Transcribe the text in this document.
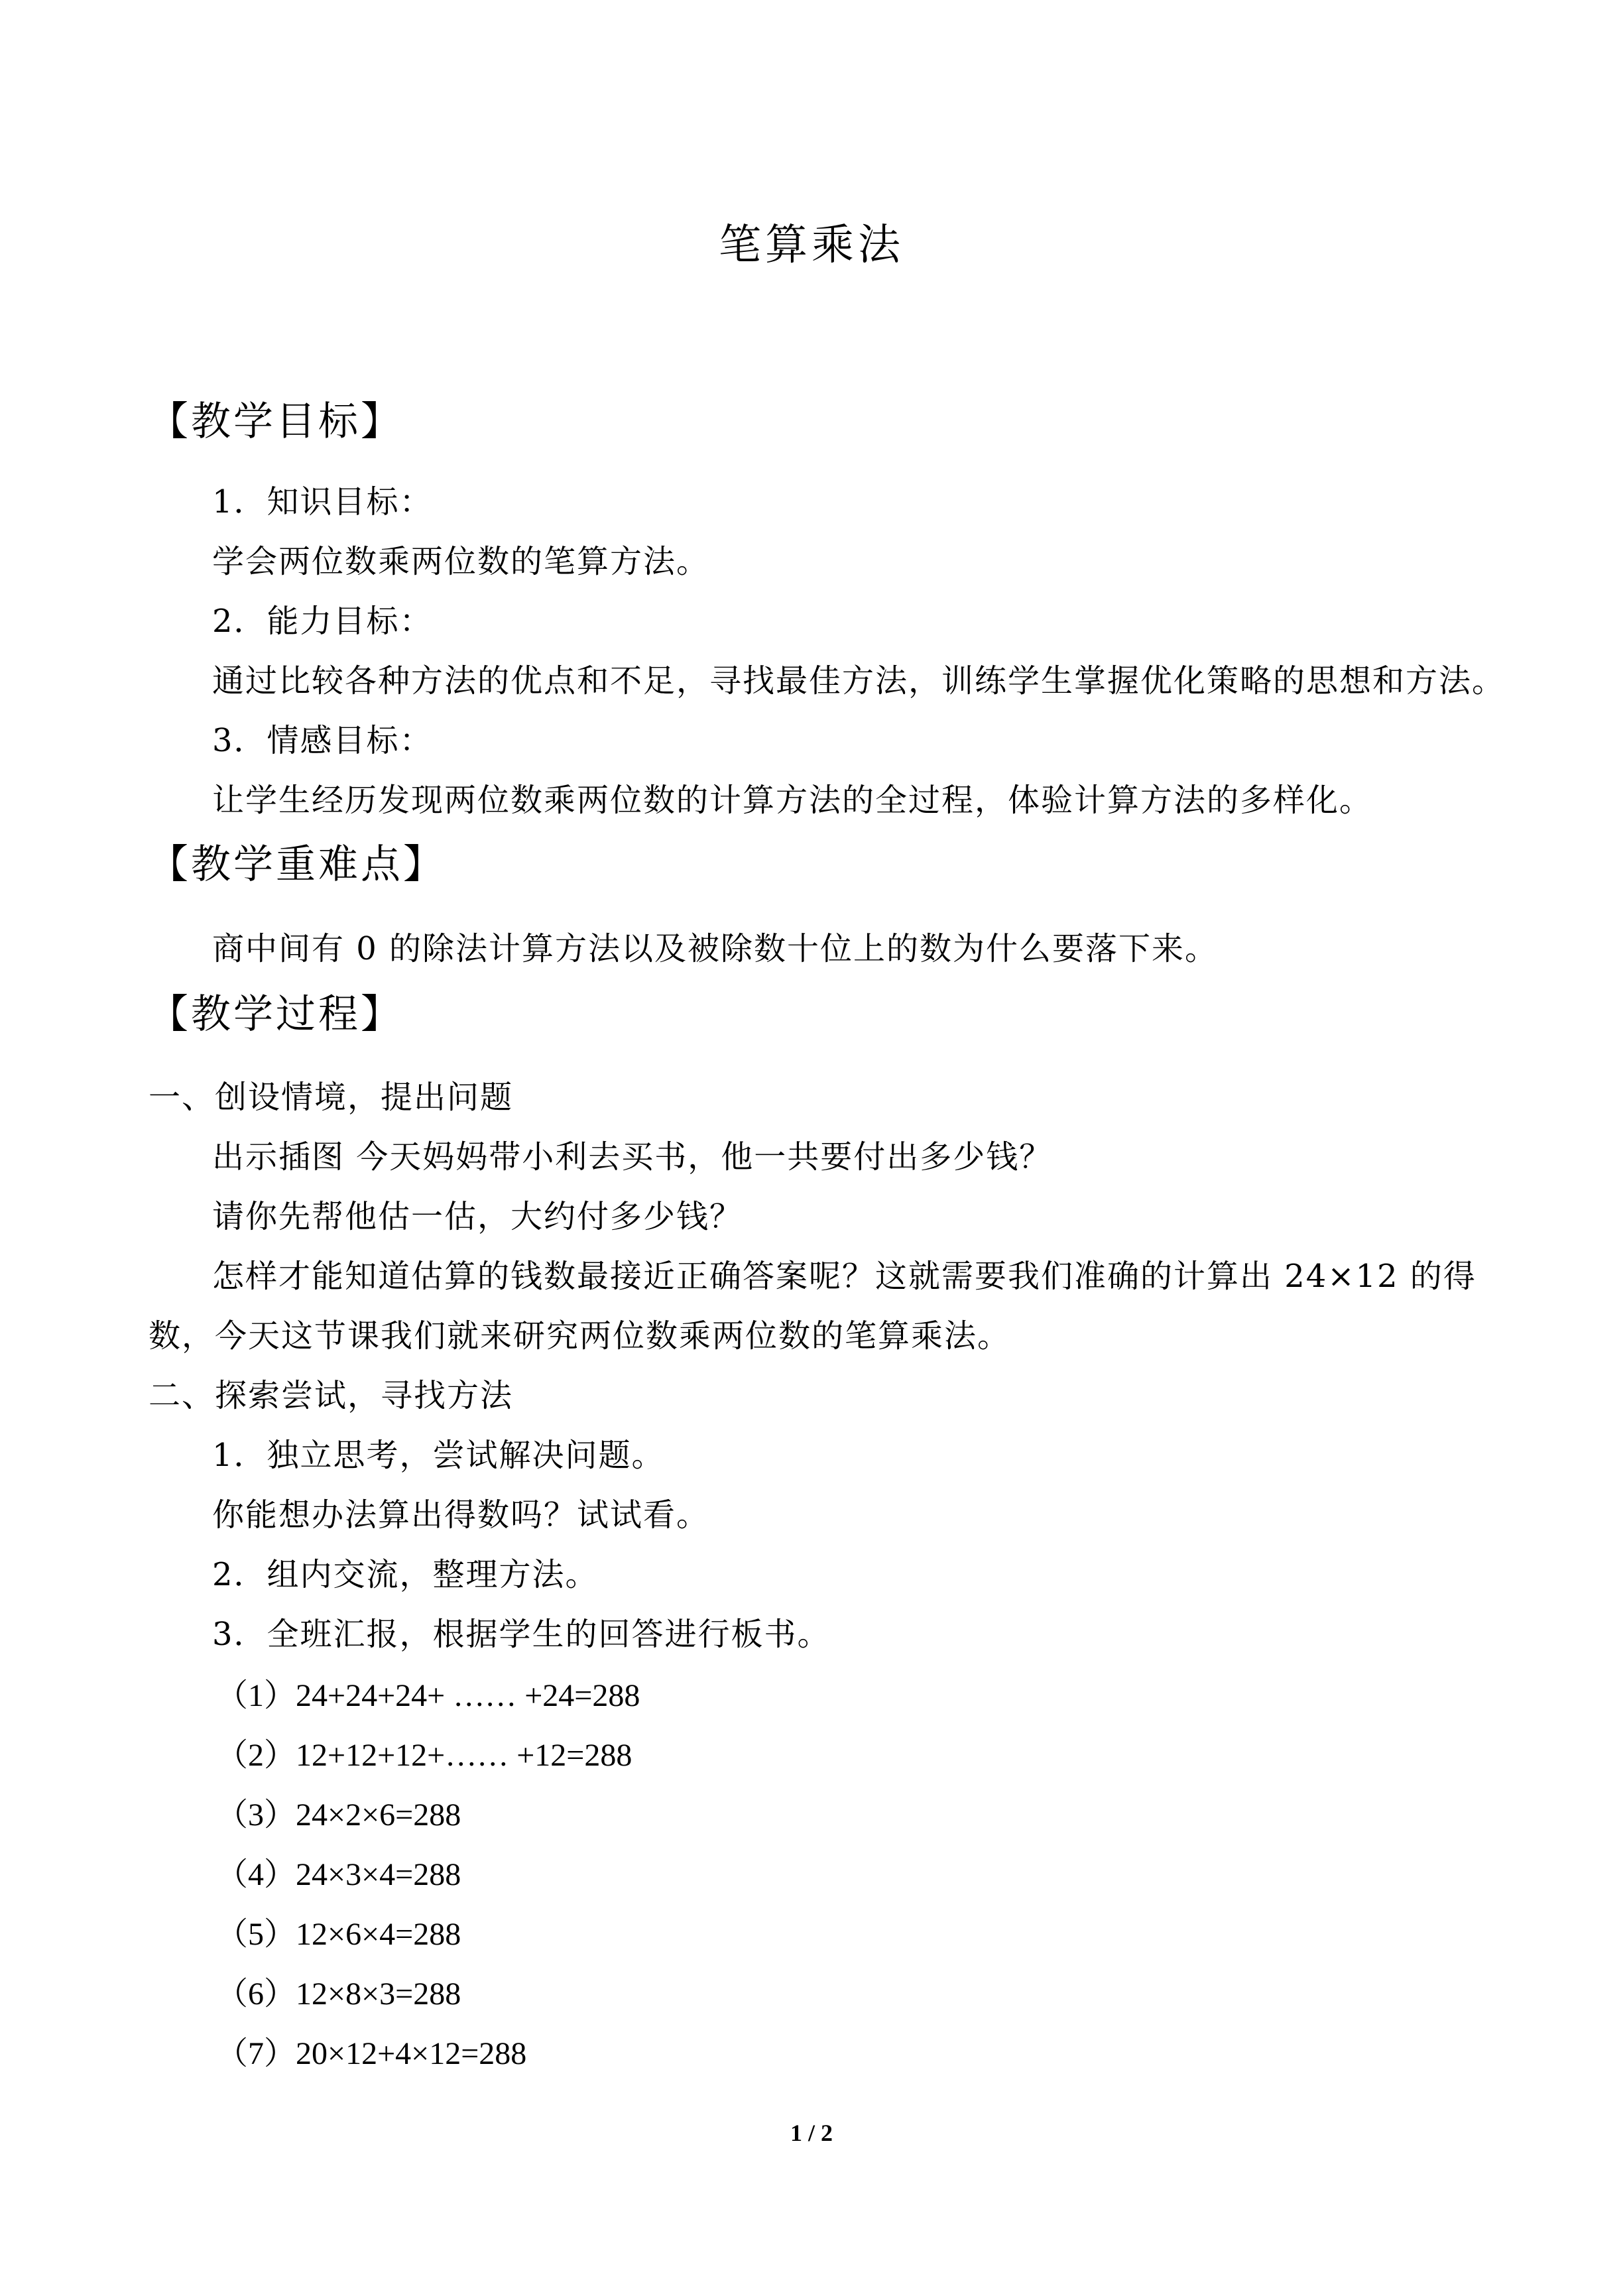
笔算乘法
【教学目标】
1．知识目标：
学会两位数乘两位数的笔算方法。
2．能力目标：
通过比较各种方法的优点和不足，寻找最佳方法，训练学生掌握优化策略的思想和方法。
3．情感目标：
让学生经历发现两位数乘两位数的计算方法的全过程，体验计算方法的多样化。
【教学重难点】
商中间有 0 的除法计算方法以及被除数十位上的数为什么要落下来。
【教学过程】
一、创设情境，提出问题
出示插图 今天妈妈带小利去买书，他一共要付出多少钱？
请你先帮他估一估，大约付多少钱？
怎样才能知道估算的钱数最接近正确答案呢？这就需要我们准确的计算出 24×12 的得
数，今天这节课我们就来研究两位数乘两位数的笔算乘法。
二、探索尝试，寻找方法
1．独立思考，尝试解决问题。
你能想办法算出得数吗？试试看。
2．组内交流，整理方法。
3．全班汇报，根据学生的回答进行板书。
（1）24+24+24+ …… +24=288
（2）12+12+12+…… +12=288
（3）24×2×6=288
（4）24×3×4=288
（5）12×6×4=288
（6）12×8×3=288
（7）20×12+4×12=288
1 / 2
